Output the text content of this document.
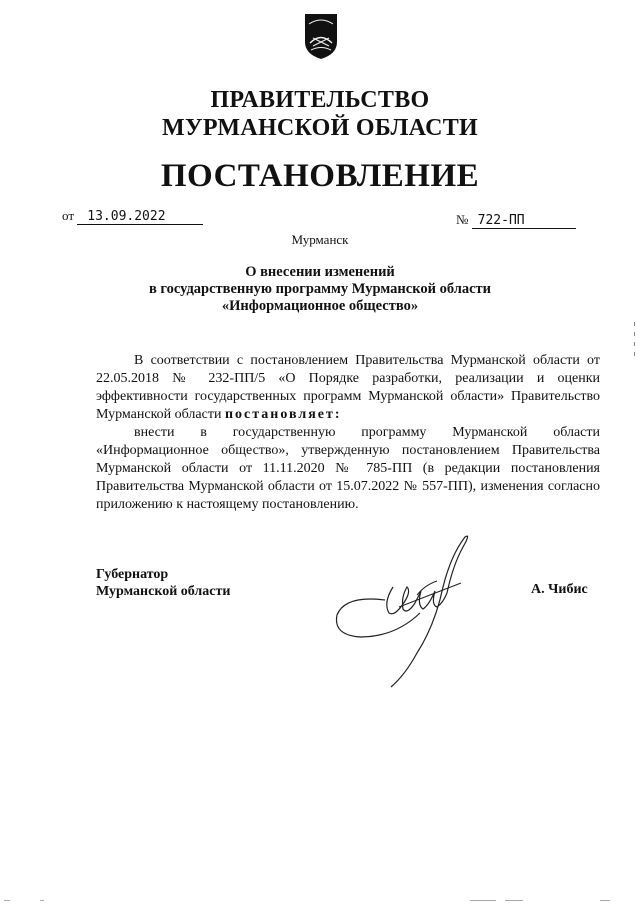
ПРАВИТЕЛЬСТВО
МУРМАНСКОЙ ОБЛАСТИ
ПОСТАНОВЛЕНИЕ
от 13.09.2022	№ 722-ПП
Мурманск
О внесении изменений
в государственную программу Мурманской области
«Информационное общество»

В соответствии с постановлением Правительства Мурманской области от 22.05.2018 № 232-ПП/5 «О Порядке разработки, реализации и оценки эффективности государственных программ Мурманской области» Правительство Мурманской области постановляет:

внести в государственную программу Мурманской области «Информационное общество», утвержденную постановлением Правительства Мурманской области от 11.11.2020 № 785-ПП (в редакции постановления Правительства Мурманской области от 15.07.2022 № 557-ПП), изменения согласно приложению к настоящему постановлению.

Губернатор
Мурманской области	А. Чибис
